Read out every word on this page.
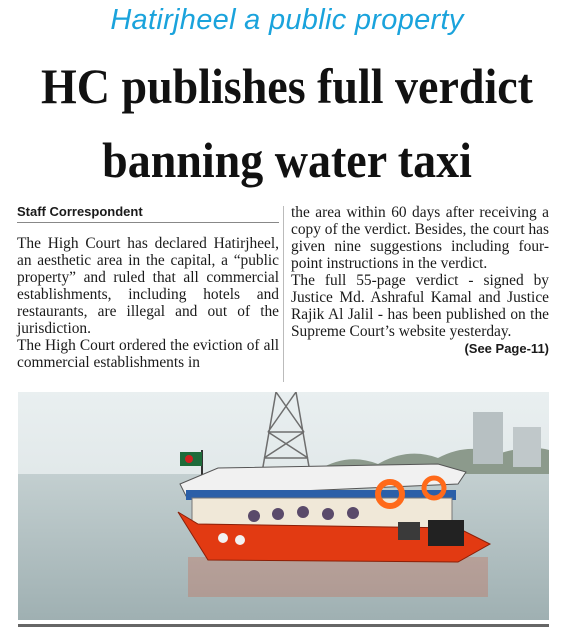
Hatirjheel a public property
HC publishes full verdict
banning water taxi
Staff Correspondent

The High Court has declared Hatirjheel, an aesthetic area in the capital, a “public property” and ruled that all commercial establishments, including hotels and restaurants, are illegal and out of the jurisdiction.

The High Court ordered the eviction of all commercial establishments in

the area within 60 days after receiving a copy of the verdict. Besides, the court has given nine suggestions including four-point instructions in the verdict.

The full 55-page verdict - signed by Justice Md. Ashraful Kamal and Justice Rajik Al Jalil - has been published on the Supreme Court’s website yesterday.
(See Page-11)
